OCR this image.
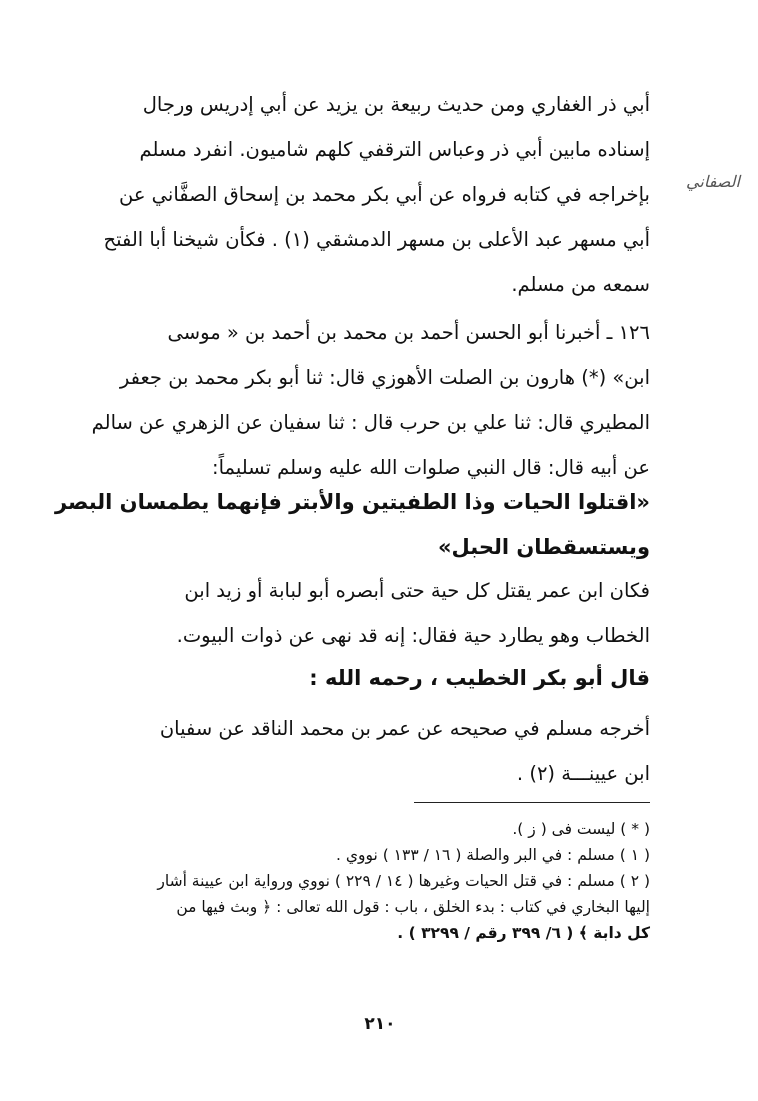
الصفاني
أبي ذر الغفاري ومن حديث ربيعة بن يزيد عن أبي إدريس ورجال
إسناده مابين أبي ذر وعباس الترقفي كلهم شاميون. انفرد مسلم
بإخراجه في كتابه فرواه عن أبي بكر محمد بن إسحاق الصفَّاني عن
أبي مسهر عبد الأعلى بن مسهر الدمشقي (١) . فكأن شيخنا أبا الفتح
سمعه من مسلم.
١٢٦ ـ أخبرنا أبو الحسن أحمد بن محمد بن أحمد بن « موسى
ابن» (*) هارون بن الصلت الأهوزي قال: ثنا أبو بكر محمد بن جعفر
المطيري قال: ثنا علي بن حرب قال : ثنا سفيان عن الزهري عن سالم
عن أبيه قال: قال النبي صلوات الله عليه وسلم تسليماً:
«اقتلوا الحيات وذا الطفيتين والأبتر فإنهما يطمسان البصر
ويستسقطان الحبل»
فكان ابن عمر يقتل كل حية حتى أبصره أبو لبابة أو زيد ابن
الخطاب وهو يطارد حية فقال: إنه قد نهى عن ذوات البيوت.
قال أبو بكر الخطيب ، رحمه الله :
أخرجه مسلم في صحيحه عن عمر بن محمد الناقد عن سفيان
ابن عيينـــة (٢) .
( * ) ليست فى ( ز ).
( ١ ) مسلم : في البر والصلة ( ١٦ / ١٣٣ ) نووي .
( ٢ ) مسلم : في قتل الحيات وغيرها ( ١٤ / ٢٢٩ ) نووي ورواية ابن عيينة أشار
إليها البخاري في كتاب : بدء الخلق ، باب : قول الله تعالى : ﴿ وبث فيها من
كل دابة ﴾ ( ٦/ ٣٩٩ رقم / ٣٢٩٩ ) .
٢١٠
